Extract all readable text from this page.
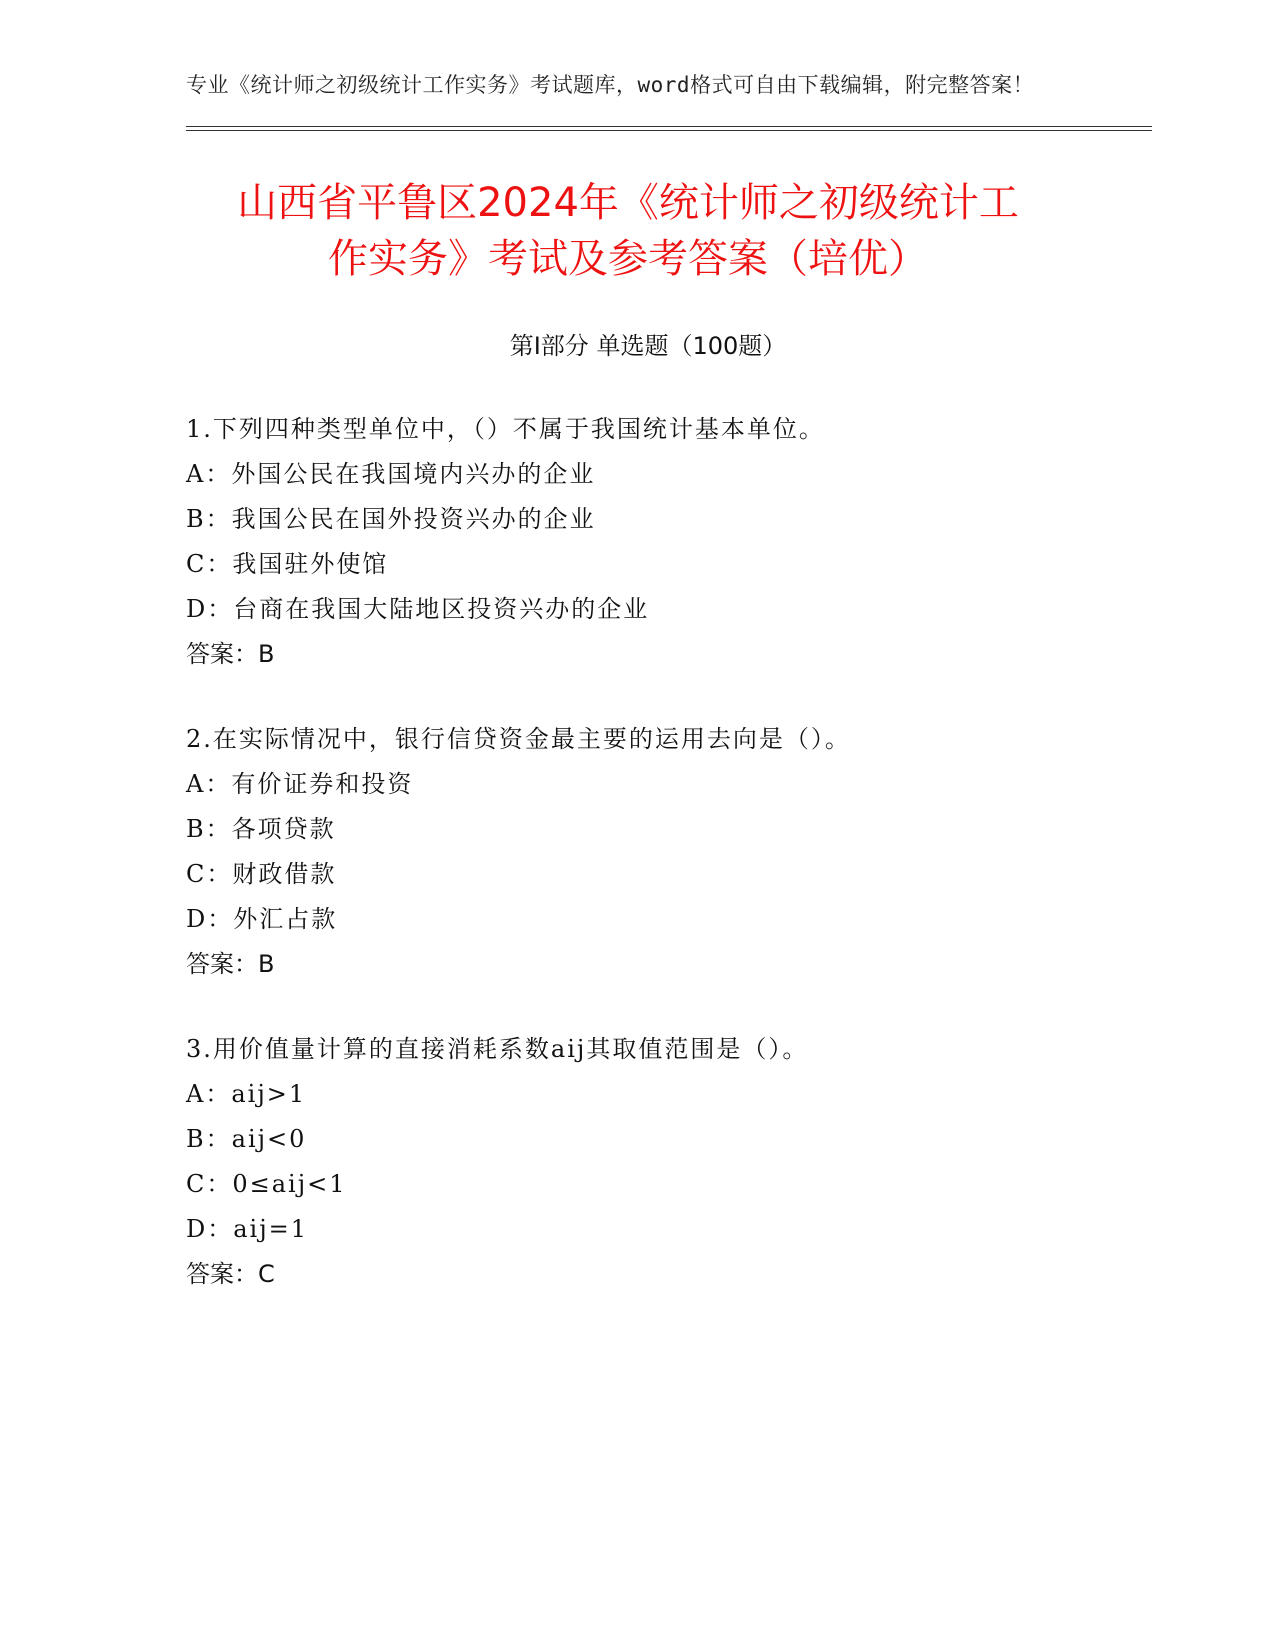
专业《统计师之初级统计工作实务》考试题库，word格式可自由下载编辑，附完整答案！
山西省平鲁区2024年《统计师之初级统计工
作实务》考试及参考答案（培优）
第Ⅰ部分 单选题（100题）
1.下列四种类型单位中，（）不属于我国统计基本单位。
A：外国公民在我国境内兴办的企业
B：我国公民在国外投资兴办的企业
C：我国驻外使馆
D：台商在我国大陆地区投资兴办的企业
答案：B
2.在实际情况中，银行信贷资金最主要的运用去向是（）。
A：有价证券和投资
B：各项贷款
C：财政借款
D：外汇占款
答案：B
3.用价值量计算的直接消耗系数aij其取值范围是（）。
A：aij>1
B：aij<0
C：0≤aij<1
D：aij=1
答案：C
